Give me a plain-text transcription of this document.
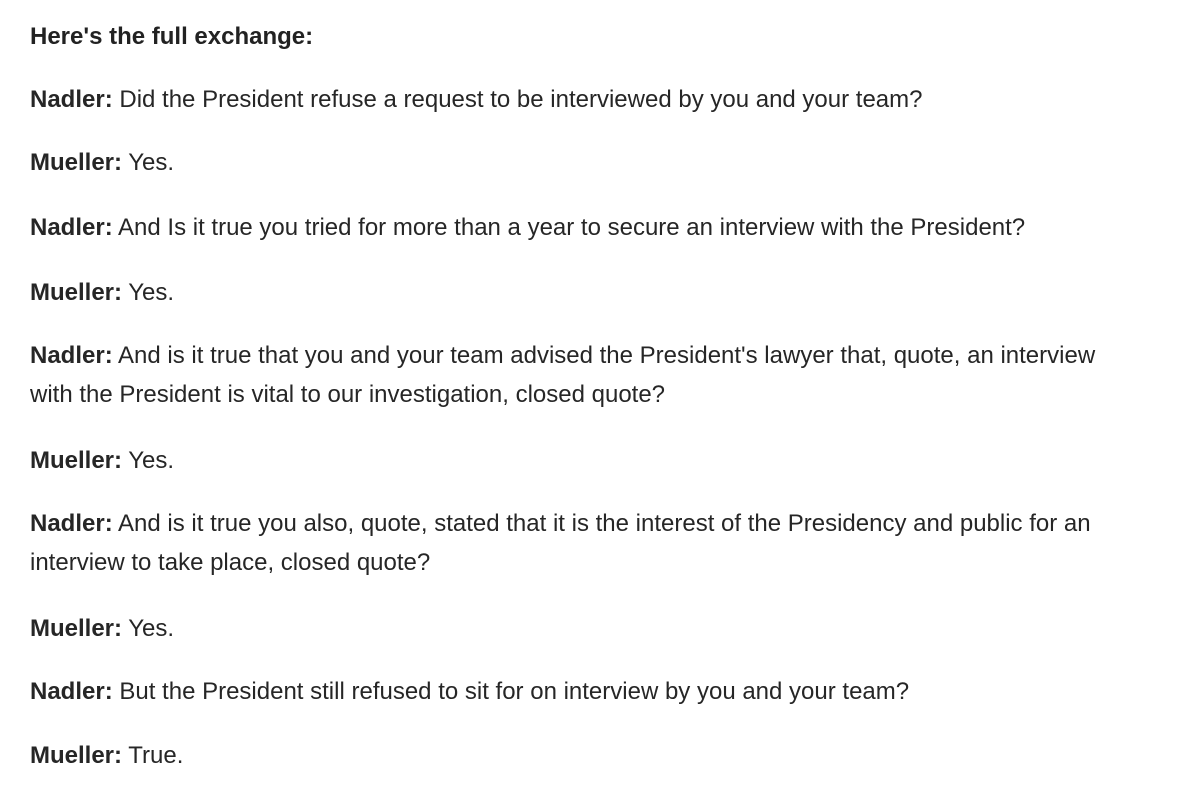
Here's the full exchange:

Nadler: Did the President refuse a request to be interviewed by you and your team?

Mueller: Yes.

Nadler: And Is it true you tried for more than a year to secure an interview with the President?

Mueller: Yes.

Nadler: And is it true that you and your team advised the President's lawyer that, quote, an interview with the President is vital to our investigation, closed quote?

Mueller: Yes.

Nadler: And is it true you also, quote, stated that it is the interest of the Presidency and public for an interview to take place, closed quote?

Mueller: Yes.

Nadler: But the President still refused to sit for on interview by you and your team?

Mueller: True.
